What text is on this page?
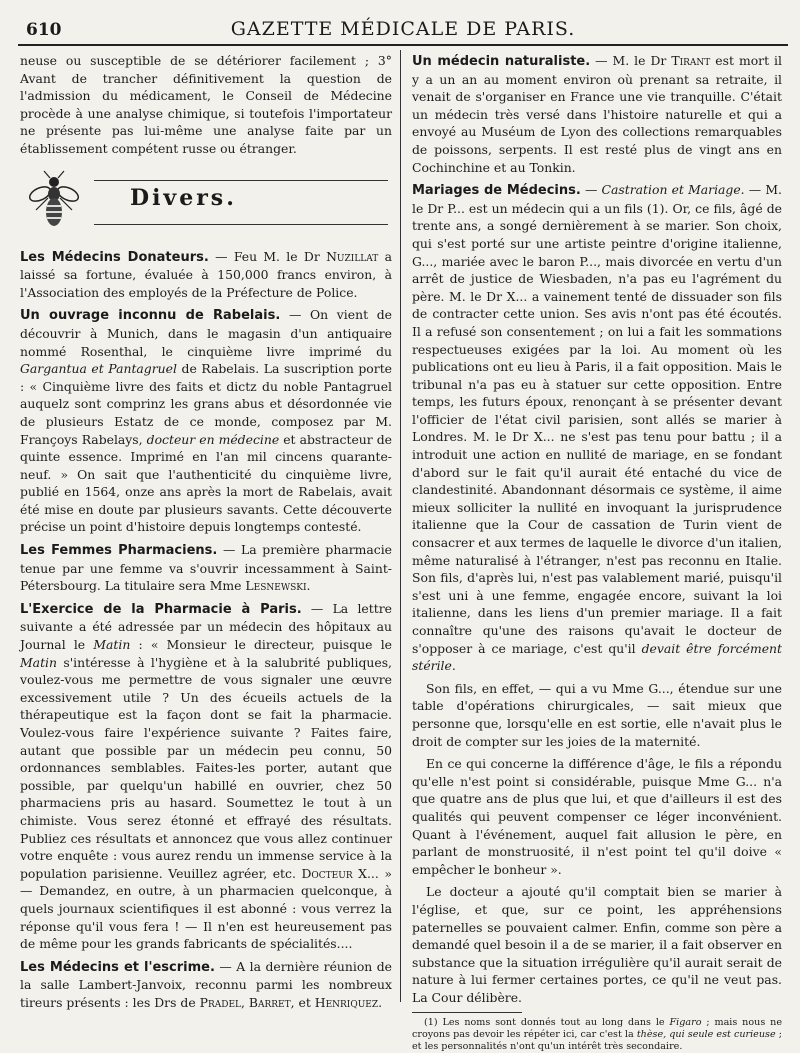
610	GAZETTE MÉDICALE DE PARIS.

neuse ou susceptible de se détériorer facilement ; 3° Avant de trancher définitivement la question de l'admission du médicament, le Conseil de Médecine procède à une analyse chimique, si toutefois l'importateur ne présente pas lui-même une analyse faite par un établissement compétent russe ou étranger.

Divers.

Les Médecins Donateurs. — Feu M. le Dr Nuzillat a laissé sa fortune, évaluée à 150,000 francs environ, à l'Association des employés de la Préfecture de Police.

Un ouvrage inconnu de Rabelais. — On vient de découvrir à Munich, dans le magasin d'un antiquaire nommé Rosenthal, le cinquième livre imprimé du Gargantua et Pantagruel de Rabelais. La suscription porte : « Cinquième livre des faits et dictz du noble Pantagruel auquelz sont comprinz les grans abus et désordonnée vie de plusieurs Estatz de ce monde, composez par M. Françoys Rabelays, docteur en médecine et abstracteur de quinte essence. Imprimé en l'an mil cincens quarante-neuf. » On sait que l'authenticité du cinquième livre, publié en 1564, onze ans après la mort de Rabelais, avait été mise en doute par plusieurs savants. Cette découverte précise un point d'histoire depuis longtemps contesté.

Les Femmes Pharmaciens. — La première pharmacie tenue par une femme va s'ouvrir incessamment à Saint-Pétersbourg. La titulaire sera Mme Lesnewski.

L'Exercice de la Pharmacie à Paris. — La lettre suivante a été adressée par un médecin des hôpitaux au Journal le Matin : « Monsieur le directeur, puisque le Matin s'intéresse à l'hygiène et à la salubrité publiques, voulez-vous me permettre de vous signaler une œuvre excessivement utile ? Un des écueils actuels de la thérapeutique est la façon dont se fait la pharmacie. Voulez-vous faire l'expérience suivante ? Faites faire, autant que possible par un médecin peu connu, 50 ordonnances semblables. Faites-les porter, autant que possible, par quelqu'un habillé en ouvrier, chez 50 pharmaciens pris au hasard. Soumettez le tout à un chimiste. Vous serez étonné et effrayé des résultats. Publiez ces résultats et annoncez que vous allez continuer votre enquête : vous aurez rendu un immense service à la population parisienne. Veuillez agréer, etc. Docteur X... » — Demandez, en outre, à un pharmacien quelconque, à quels journaux scientifiques il est abonné : vous verrez la réponse qu'il vous fera ! — Il n'en est heureusement pas de même pour les grands fabricants de spécialités....

Les Médecins et l'escrime. — A la dernière réunion de la salle Lambert-Janvoix, reconnu parmi les nombreux tireurs présents : les Drs de Pradel, Barret, et Henriquez.

Un médecin naturaliste. — M. le Dr Tirant est mort il y a un an au moment environ où prenant sa retraite, il venait de s'organiser en France une vie tranquille. C'était un médecin très versé dans l'histoire naturelle et qui a envoyé au Muséum de Lyon des collections remarquables de poissons, serpents. Il est resté plus de vingt ans en Cochinchine et au Tonkin.

Mariages de Médecins. — Castration et Mariage. — M. le Dr P... est un médecin qui a un fils (1). Or, ce fils, âgé de trente ans, a songé dernièrement à se marier. Son choix, qui s'est porté sur une artiste peintre d'origine italienne, G..., mariée avec le baron P..., mais divorcée en vertu d'un arrêt de justice de Wiesbaden, n'a pas eu l'agrément du père. M. le Dr X... a vainement tenté de dissuader son fils de contracter cette union. Ses avis n'ont pas été écoutés. Il a refusé son consentement ; on lui a fait les sommations respectueuses exigées par la loi. Au moment où les publications ont eu lieu à Paris, il a fait opposition. Mais le tribunal n'a pas eu à statuer sur cette opposition. Entre temps, les futurs époux, renonçant à se présenter devant l'officier de l'état civil parisien, sont allés se marier à Londres. M. le Dr X... ne s'est pas tenu pour battu ; il a introduit une action en nullité de mariage, en se fondant d'abord sur le fait qu'il aurait été entaché du vice de clandestinité. Abandonnant désormais ce système, il aime mieux solliciter la nullité en invoquant la jurisprudence italienne que la Cour de cassation de Turin vient de consacrer et aux termes de laquelle le divorce d'un italien, même naturalisé à l'étranger, n'est pas reconnu en Italie. Son fils, d'après lui, n'est pas valablement marié, puisqu'il s'est uni à une femme, engagée encore, suivant la loi italienne, dans les liens d'un premier mariage. Il a fait connaître qu'une des raisons qu'avait le docteur de s'opposer à ce mariage, c'est qu'il devait être forcément stérile.

Son fils, en effet, — qui a vu Mme G..., étendue sur une table d'opérations chirurgicales, — sait mieux que personne que, lorsqu'elle en est sortie, elle n'avait plus le droit de compter sur les joies de la maternité.

En ce qui concerne la différence d'âge, le fils a répondu qu'elle n'est point si considérable, puisque Mme G... n'a que quatre ans de plus que lui, et que d'ailleurs il est des qualités qui peuvent compenser ce léger inconvénient. Quant à l'événement, auquel fait allusion le père, en parlant de monstruosité, il n'est point tel qu'il doive « empêcher le bonheur ».

Le docteur a ajouté qu'il comptait bien se marier à l'église, et que, sur ce point, les appréhensions paternelles se pouvaient calmer. Enfin, comme son père a demandé quel besoin il a de se marier, il a fait observer en substance que la situation irrégulière qu'il aurait serait de nature à lui fermer certaines portes, ce qu'il ne veut pas. La Cour délibère.

(1) Les noms sont donnés tout au long dans le Figaro ; mais nous ne croyons pas devoir les répéter ici, car c'est la thèse, qui seule est curieuse ; et les personnalités n'ont qu'un intérêt très secondaire.
